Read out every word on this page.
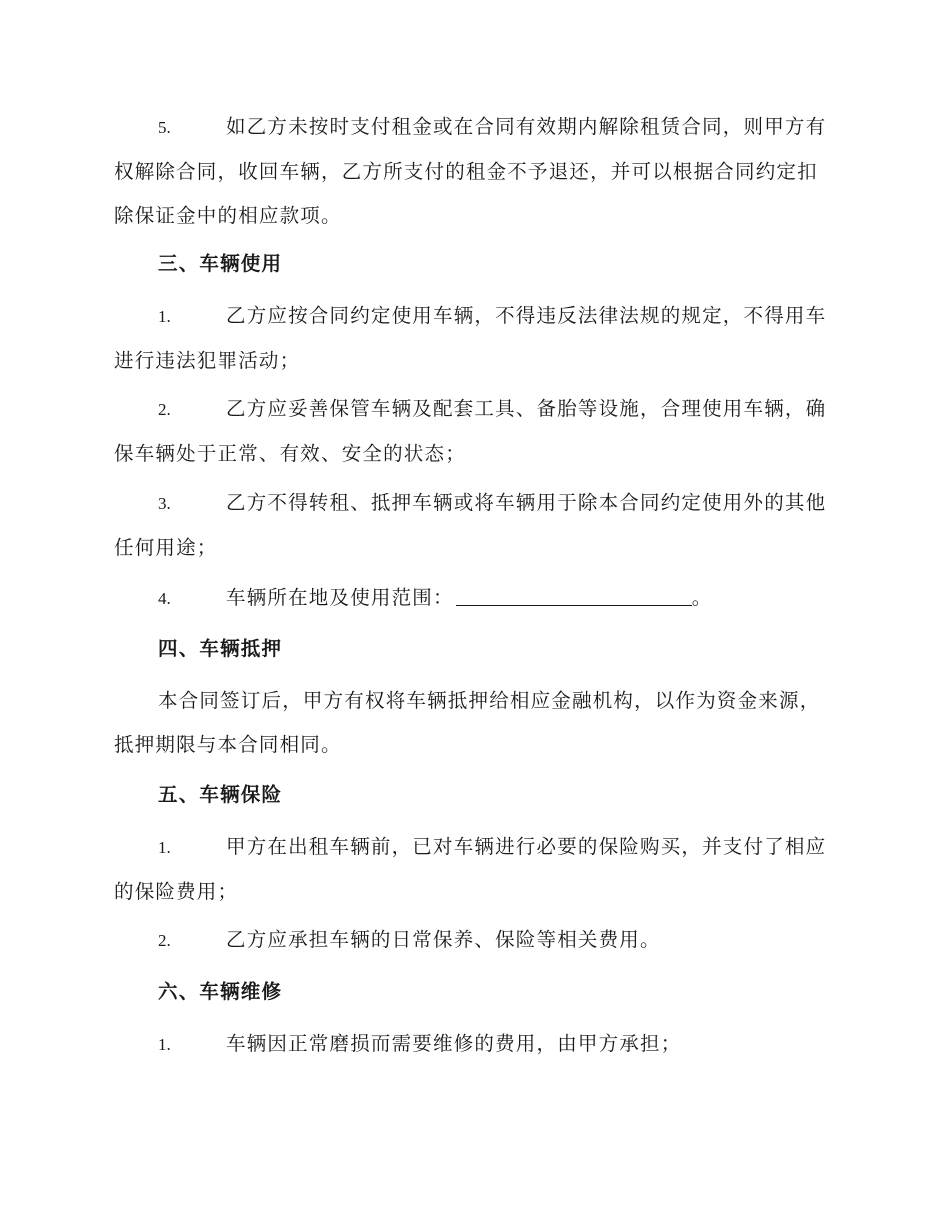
5.	如乙方未按时支付租金或在合同有效期内解除租赁合同，则甲方有权解除合同，收回车辆，乙方所支付的租金不予退还，并可以根据合同约定扣除保证金中的相应款项。
三、车辆使用
1.	乙方应按合同约定使用车辆，不得违反法律法规的规定，不得用车进行违法犯罪活动；
2.	乙方应妥善保管车辆及配套工具、备胎等设施，合理使用车辆，确保车辆处于正常、有效、安全的状态；
3.	乙方不得转租、抵押车辆或将车辆用于除本合同约定使用外的其他任何用途；
4.	车辆所在地及使用范围：	。
四、车辆抵押
本合同签订后，甲方有权将车辆抵押给相应金融机构，以作为资金来源，抵押期限与本合同相同。
五、车辆保险
1.	甲方在出租车辆前，已对车辆进行必要的保险购买，并支付了相应的保险费用；
2.	乙方应承担车辆的日常保养、保险等相关费用。
六、车辆维修
1.	车辆因正常磨损而需要维修的费用，由甲方承担；
